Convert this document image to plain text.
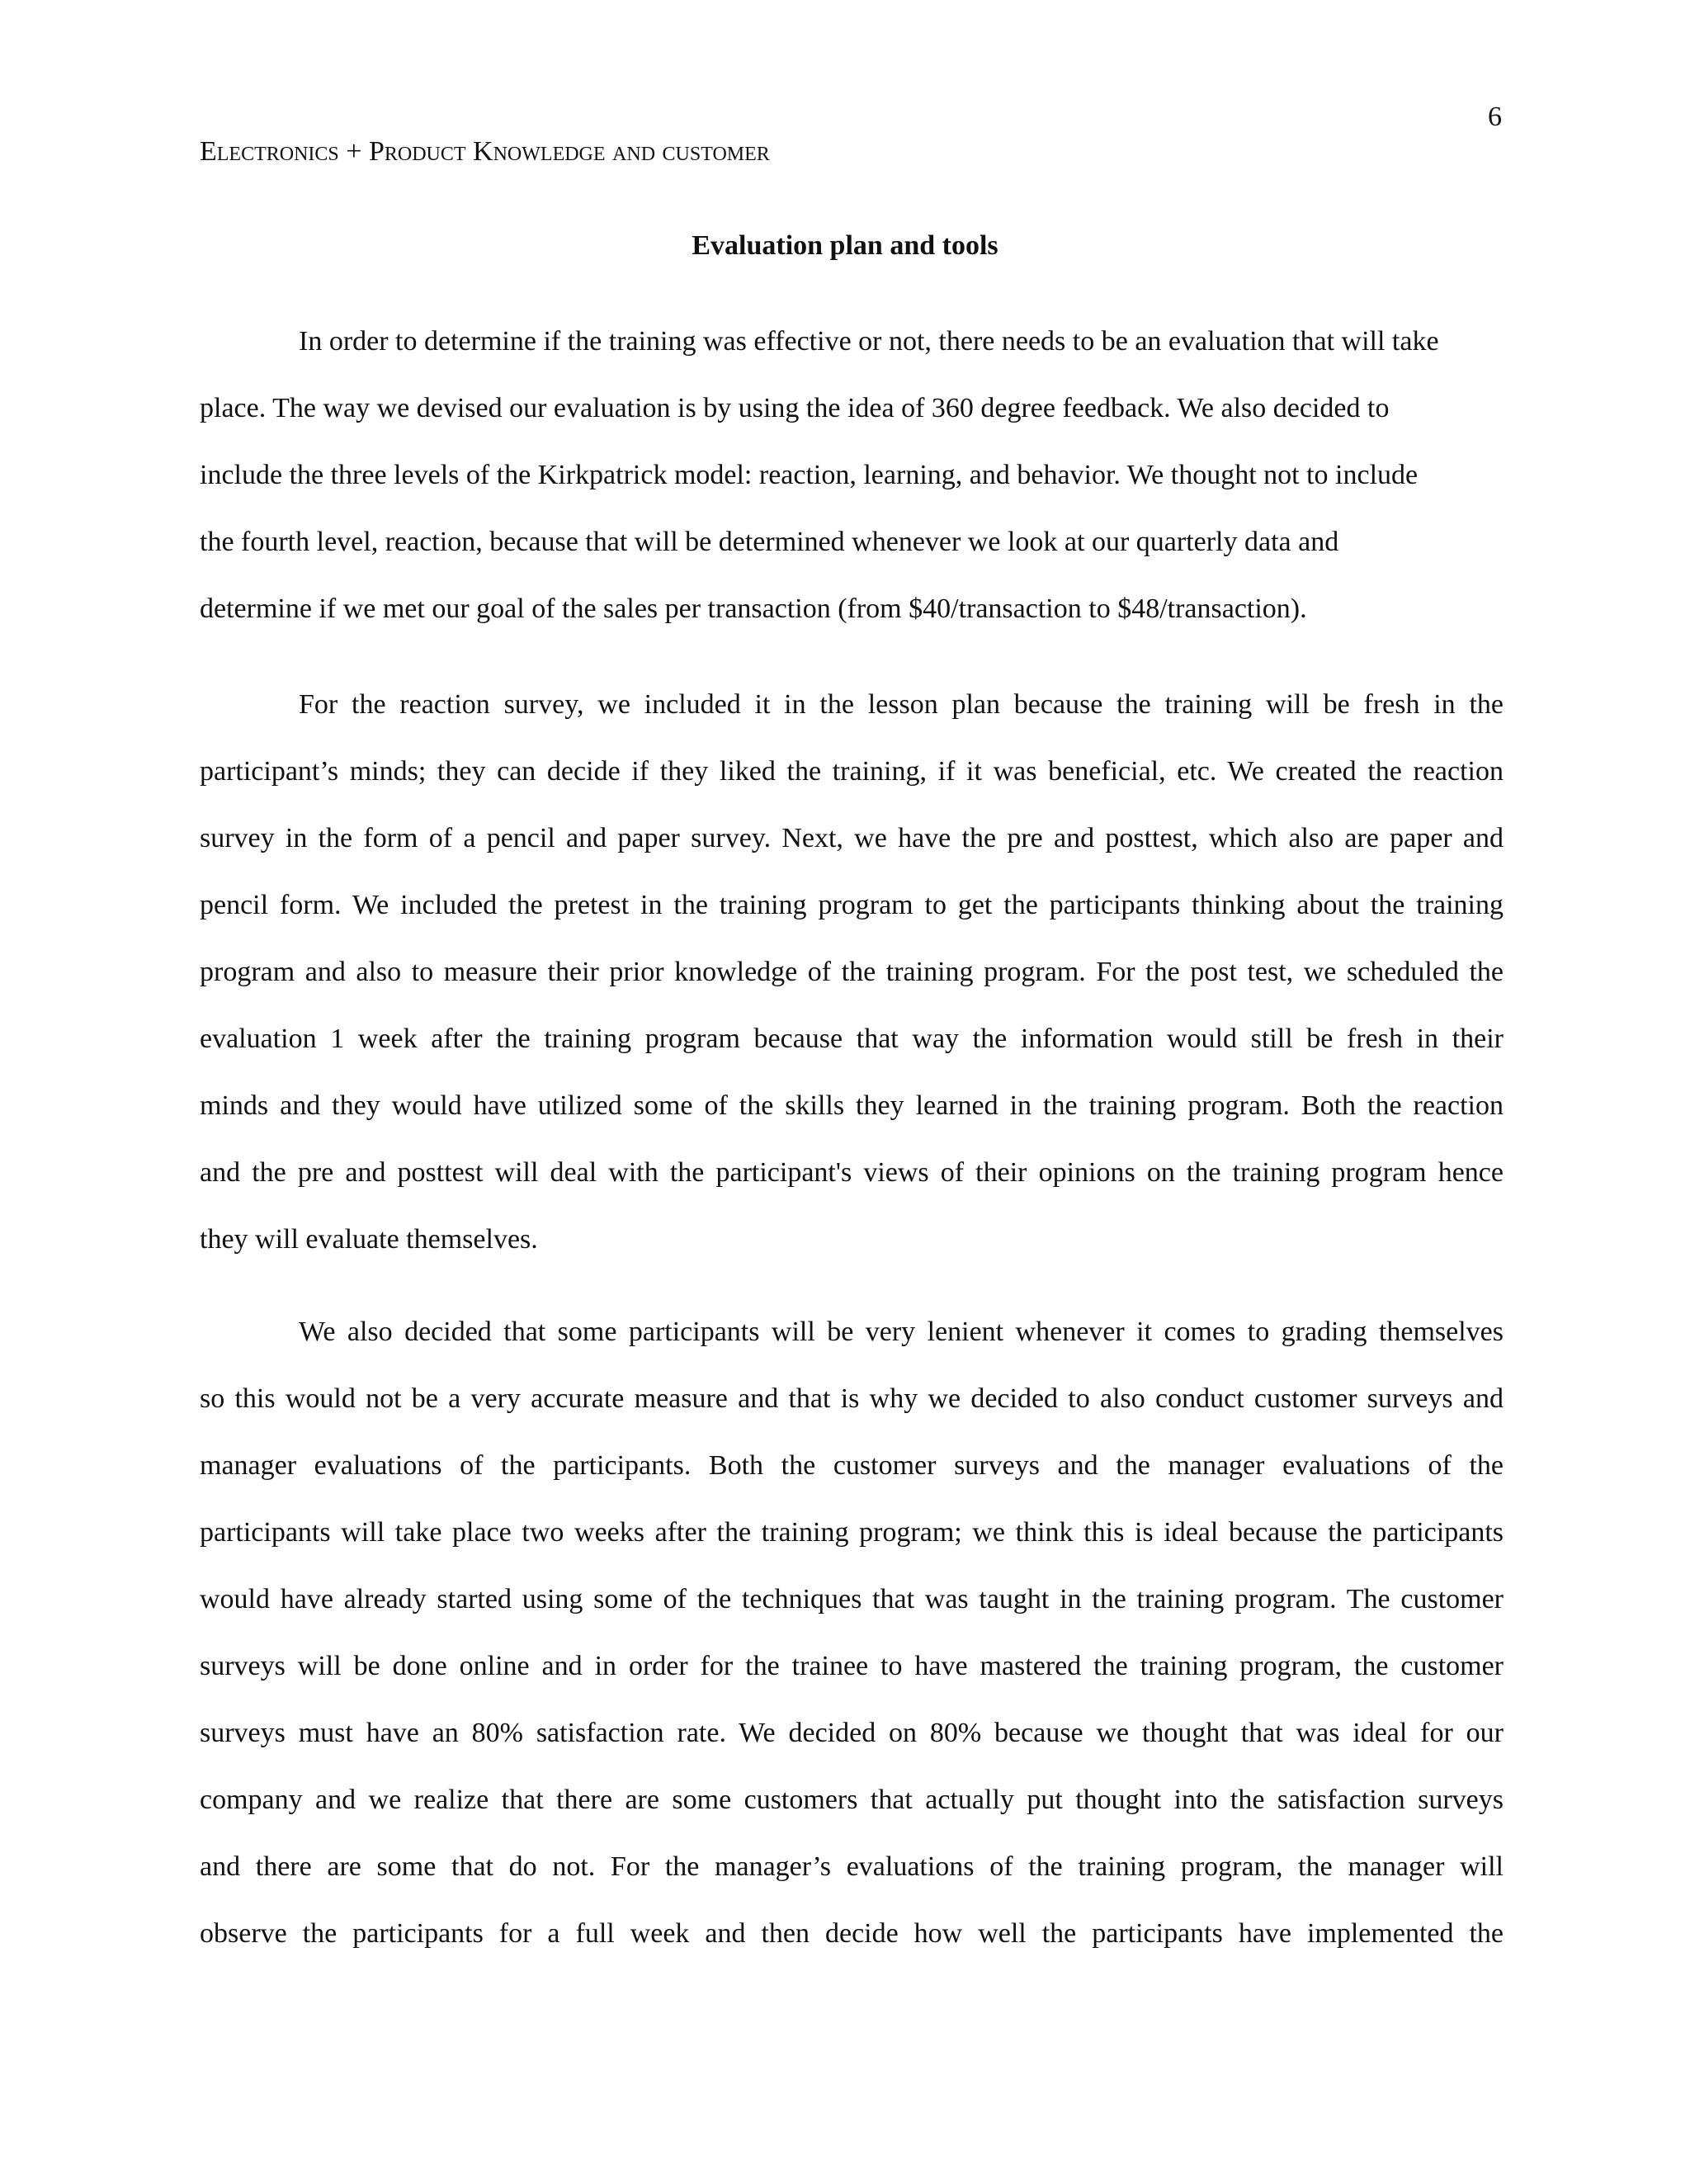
6
Electronics + Product Knowledge and customer
Evaluation plan and tools
In order to determine if the training was effective or not, there needs to be an evaluation that will take
place. The way we devised our evaluation is by using the idea of 360 degree feedback. We also decided to
include the three levels of the Kirkpatrick model: reaction, learning, and behavior. We thought not to include
the fourth level, reaction, because that will be determined whenever we look at our quarterly data and
determine if we met our goal of the sales per transaction (from $40/transaction to $48/transaction).
For the reaction survey, we included it in the lesson plan because the training will be fresh in the
participant’s minds; they can decide if they liked the training, if it was beneficial, etc. We created the reaction
survey in the form of a pencil and paper survey. Next, we have the pre and posttest, which also are paper and
pencil form. We included the pretest in the training program to get the participants thinking about the training
program and also to measure their prior knowledge of the training program. For the post test, we scheduled the
evaluation 1 week after the training program because that way the information would still be fresh in their
minds and they would have utilized some of the skills they learned in the training program. Both the reaction
and the pre and posttest will deal with the participant's views of their opinions on the training program hence
they will evaluate themselves.
We also decided that some participants will be very lenient whenever it comes to grading themselves
so this would not be a very accurate measure and that is why we decided to also conduct customer surveys and
manager evaluations of the participants. Both the customer surveys and the manager evaluations of the
participants will take place two weeks after the training program; we think this is ideal because the participants
would have already started using some of the techniques that was taught in the training program. The customer
surveys will be done online and in order for the trainee to have mastered the training program, the customer
surveys must have an 80% satisfaction rate. We decided on 80% because we thought that was ideal for our
company and we realize that there are some customers that actually put thought into the satisfaction surveys
and there are some that do not. For the manager’s evaluations of the training program, the manager will
observe the participants for a full week and then decide how well the participants have implemented the
